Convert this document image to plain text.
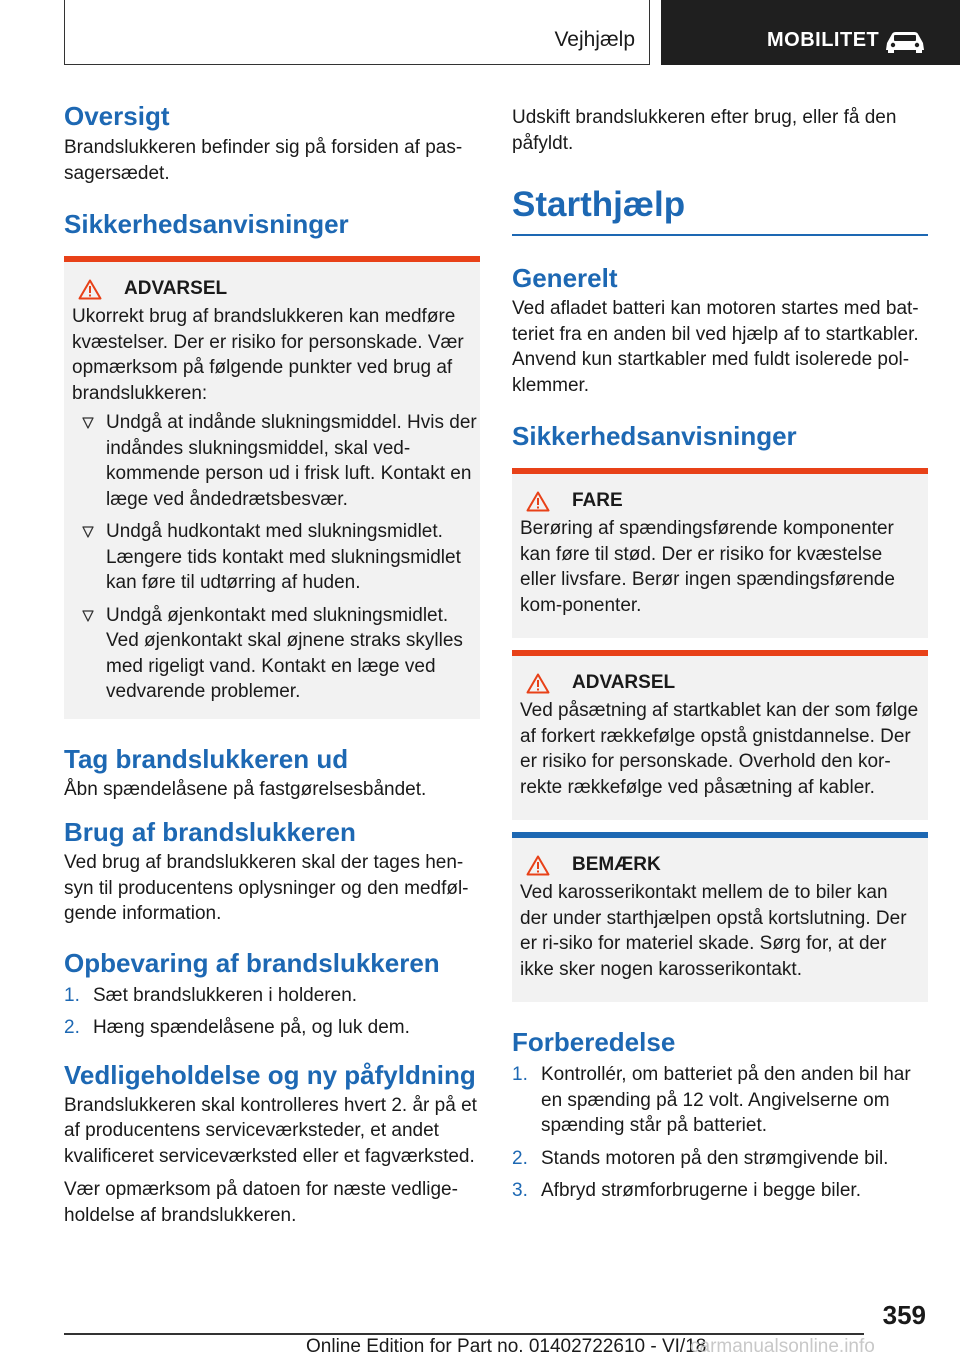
Vejhjælp	MOBILITET
Oversigt
Brandslukkeren befinder sig på forsiden af pas‐sagersædet.
Sikkerhedsanvisninger
ADVARSEL
Ukorrekt brug af brandslukkeren kan medføre kvæstelser. Der er risiko for personskade. Vær opmærksom på følgende punkter ved brug af brandslukkeren:
Undgå at indånde slukningsmiddel. Hvis der indåndes slukningsmiddel, skal ved‐kommende person ud i frisk luft. Kontakt en læge ved åndedrætsbesvær.
Undgå hudkontakt med slukningsmidlet. Længere tids kontakt med slukningsmidlet kan føre til udtørring af huden.
Undgå øjenkontakt med slukningsmidlet. Ved øjenkontakt skal øjnene straks skylles med rigeligt vand. Kontakt en læge ved vedvarende problemer.
Tag brandslukkeren ud
Åbn spændelåsene på fastgørelsesbåndet.
Brug af brandslukkeren
Ved brug af brandslukkeren skal der tages hen‐syn til producentens oplysninger og den medføl‐gende information.
Opbevaring af brandslukkeren
1. Sæt brandslukkeren i holderen.
2. Hæng spændelåsene på, og luk dem.
Vedligeholdelse og ny påfyldning
Brandslukkeren skal kontrolleres hvert 2. år på et af producentens serviceværksteder, et andet kvalificeret serviceværksted eller et fagværksted.
Vær opmærksom på datoen for næste vedlige‐holdelse af brandslukkeren.
Udskift brandslukkeren efter brug, eller få den påfyldt.
Starthjælp
Generelt
Ved afladet batteri kan motoren startes med bat‐teriet fra en anden bil ved hjælp af to startkabler. Anvend kun startkabler med fuldt isolerede pol‐klemmer.
Sikkerhedsanvisninger
FARE
Berøring af spændingsførende komponenter kan føre til stød. Der er risiko for kvæstelse eller livsfare. Berør ingen spændingsførende kom‐ponenter.
ADVARSEL
Ved påsætning af startkablet kan der som følge af forkert rækkefølge opstå gnistdannelse. Der er risiko for personskade. Overhold den kor‐rekte rækkefølge ved påsætning af kabler.
BEMÆRK
Ved karosserikontakt mellem de to biler kan der under starthjælpen opstå kortslutning. Der er ri‐siko for materiel skade. Sørg for, at der ikke sker nogen karosserikontakt.
Forberedelse
1. Kontrollér, om batteriet på den anden bil har en spænding på 12 volt. Angivelserne om spænding står på batteriet.
2. Stands motoren på den strømgivende bil.
3. Afbryd strømforbrugerne i begge biler.
359
Online Edition for Part no. 01402722610 - VI/18
carmanualsonline.info
